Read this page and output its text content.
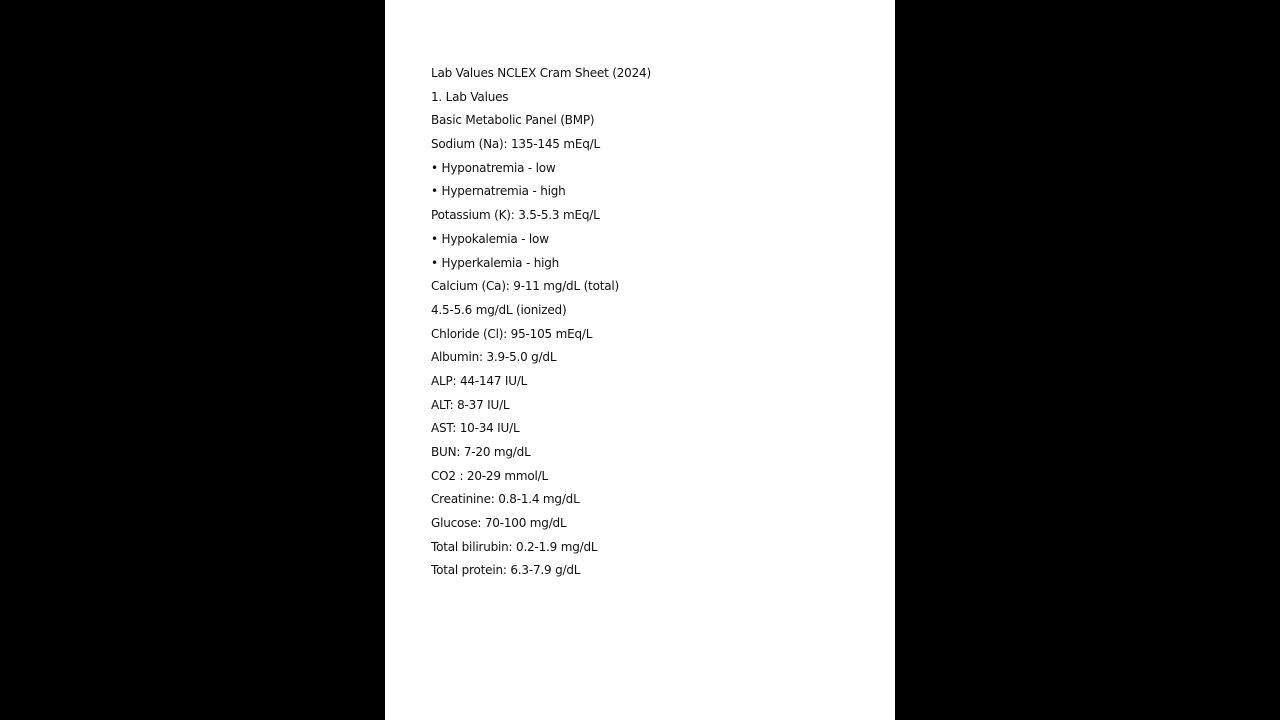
Lab Values NCLEX Cram Sheet (2024)
1. Lab Values
Basic Metabolic Panel (BMP)
Sodium (Na): 135-145 mEq/L
• Hyponatremia - low
• Hypernatremia - high
Potassium (K): 3.5-5.3 mEq/L
• Hypokalemia - low
• Hyperkalemia - high
Calcium (Ca): 9-11 mg/dL (total)
4.5-5.6 mg/dL (ionized)
Chloride (Cl): 95-105 mEq/L
Albumin: 3.9-5.0 g/dL
ALP: 44-147 IU/L
ALT: 8-37 IU/L
AST: 10-34 IU/L
BUN: 7-20 mg/dL
CO2 : 20-29 mmol/L
Creatinine: 0.8-1.4 mg/dL
Glucose: 70-100 mg/dL
Total bilirubin: 0.2-1.9 mg/dL
Total protein: 6.3-7.9 g/dL
